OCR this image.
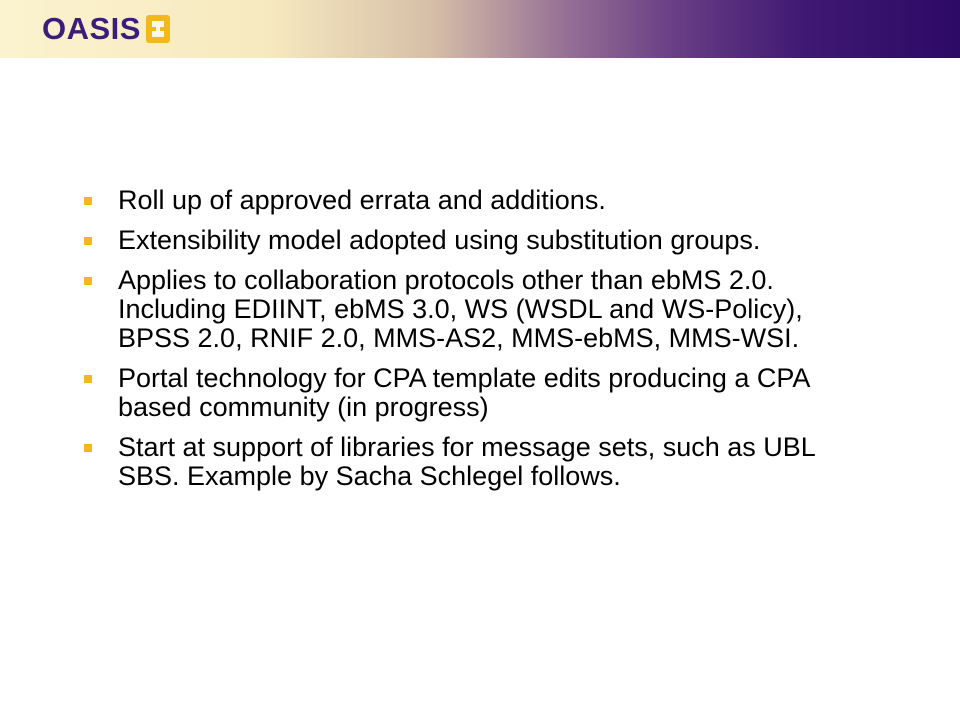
OASIS
Roll up of approved errata and additions.
Extensibility model adopted using substitution groups.
Applies to collaboration protocols other than ebMS 2.0. Including EDIINT, ebMS 3.0, WS (WSDL and WS-Policy), BPSS 2.0, RNIF 2.0, MMS-AS2, MMS-ebMS, MMS-WSI.
Portal technology for CPA template edits producing a CPA based community (in progress)
Start at support of libraries for message sets, such as UBL SBS. Example by Sacha Schlegel follows.
